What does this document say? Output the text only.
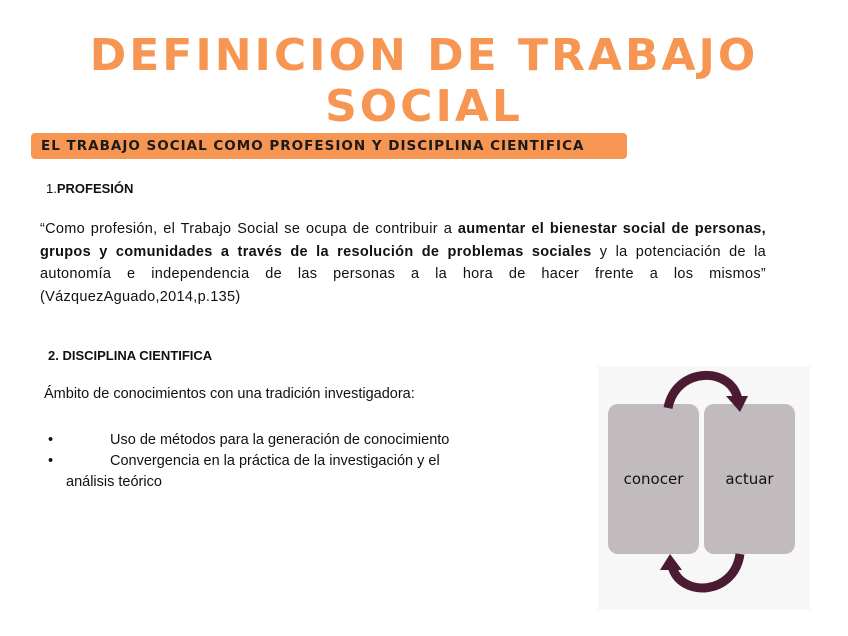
DEFINICION DE TRABAJO SOCIAL
EL TRABAJO SOCIAL COMO PROFESION Y DISCIPLINA CIENTIFICA
1.PROFESIÓN
“Como profesión, el Trabajo Social se ocupa de contribuir a aumentar el bienestar social de personas, grupos y comunidades a través de la resolución de problemas sociales y la potenciación de la autonomía e independencia de las personas a la hora de hacer frente a los mismos” (VázquezAguado,2014,p.135)
2. DISCIPLINA CIENTIFICA
Ámbito de conocimientos con una tradición investigadora:
•	Uso de métodos para la generación de conocimiento
•	Convergencia en la práctica de la investigación y el
análisis teórico	conocer	actuar
